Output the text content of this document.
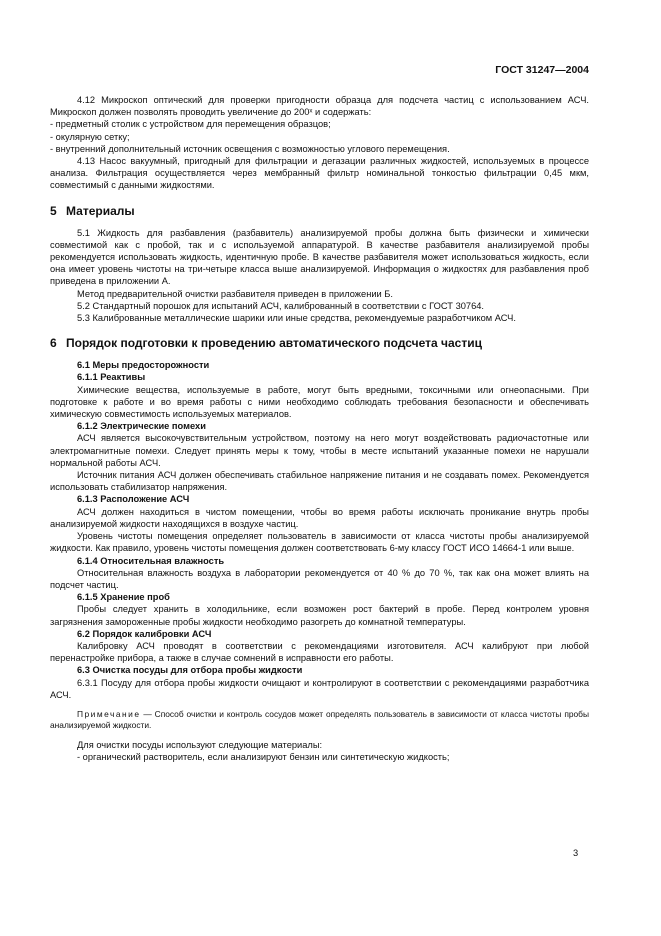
ГОСТ 31247—2004

4.12 Микроскоп оптический для проверки пригодности образца для подсчета частиц с использованием АСЧ. Микроскоп должен позволять проводить увеличение до 200ˣ и содержать:

- предметный столик с устройством для перемещения образцов;

- окулярную сетку;

- внутренний дополнительный источник освещения с возможностью углового перемещения.

4.13 Насос вакуумный, пригодный для фильтрации и дегазации различных жидкостей, используемых в процессе анализа. Фильтрация осуществляется через мембранный фильтр номинальной тонкостью фильтрации 0,45 мкм, совместимый с данными жидкостями.

5 Материалы

5.1 Жидкость для разбавления (разбавитель) анализируемой пробы должна быть физически и химически совместимой как с пробой, так и с используемой аппаратурой. В качестве разбавителя анализируемой пробы рекомендуется использовать жидкость, идентичную пробе. В качестве разбавителя может использоваться жидкость, если она имеет уровень чистоты на три-четыре класса выше анализируемой. Информация о жидкостях для разбавления проб приведена в приложении А.

Метод предварительной очистки разбавителя приведен в приложении Б.

5.2 Стандартный порошок для испытаний АСЧ, калиброванный в соответствии с ГОСТ 30764.

5.3 Калиброванные металлические шарики или иные средства, рекомендуемые разработчиком АСЧ.

6 Порядок подготовки к проведению автоматического подсчета частиц

6.1 Меры предосторожности

6.1.1 Реактивы

Химические вещества, используемые в работе, могут быть вредными, токсичными или огнеопасными. При подготовке к работе и во время работы с ними необходимо соблюдать требования безопасности и обеспечивать химическую совместимость используемых материалов.

6.1.2 Электрические помехи

АСЧ является высокочувствительным устройством, поэтому на него могут воздействовать радиочастотные или электромагнитные помехи. Следует принять меры к тому, чтобы в месте испытаний указанные помехи не нарушали нормальной работы АСЧ.

Источник питания АСЧ должен обеспечивать стабильное напряжение питания и не создавать помех. Рекомендуется использовать стабилизатор напряжения.

6.1.3 Расположение АСЧ

АСЧ должен находиться в чистом помещении, чтобы во время работы исключать проникание внутрь пробы анализируемой жидкости находящихся в воздухе частиц.

Уровень чистоты помещения определяет пользователь в зависимости от класса чистоты пробы анализируемой жидкости. Как правило, уровень чистоты помещения должен соответствовать 6-му классу ГОСТ ИСО 14664-1 или выше.

6.1.4 Относительная влажность

Относительная влажность воздуха в лаборатории рекомендуется от 40 % до 70 %, так как она может влиять на подсчет частиц.

6.1.5 Хранение проб

Пробы следует хранить в холодильнике, если возможен рост бактерий в пробе. Перед контролем уровня загрязнения замороженные пробы жидкости необходимо разогреть до комнатной температуры.

6.2 Порядок калибровки АСЧ

Калибровку АСЧ проводят в соответствии с рекомендациями изготовителя. АСЧ калибруют при любой перенастройке прибора, а также в случае сомнений в исправности его работы.

6.3 Очистка посуды для отбора пробы жидкости

6.3.1 Посуду для отбора пробы жидкости очищают и контролируют в соответствии с рекомендациями разработчика АСЧ.

Примечание — Способ очистки и контроль сосудов может определять пользователь в зависимости от класса чистоты пробы анализируемой жидкости.

Для очистки посуды используют следующие материалы:

- органический растворитель, если анализируют бензин или синтетическую жидкость;

3
